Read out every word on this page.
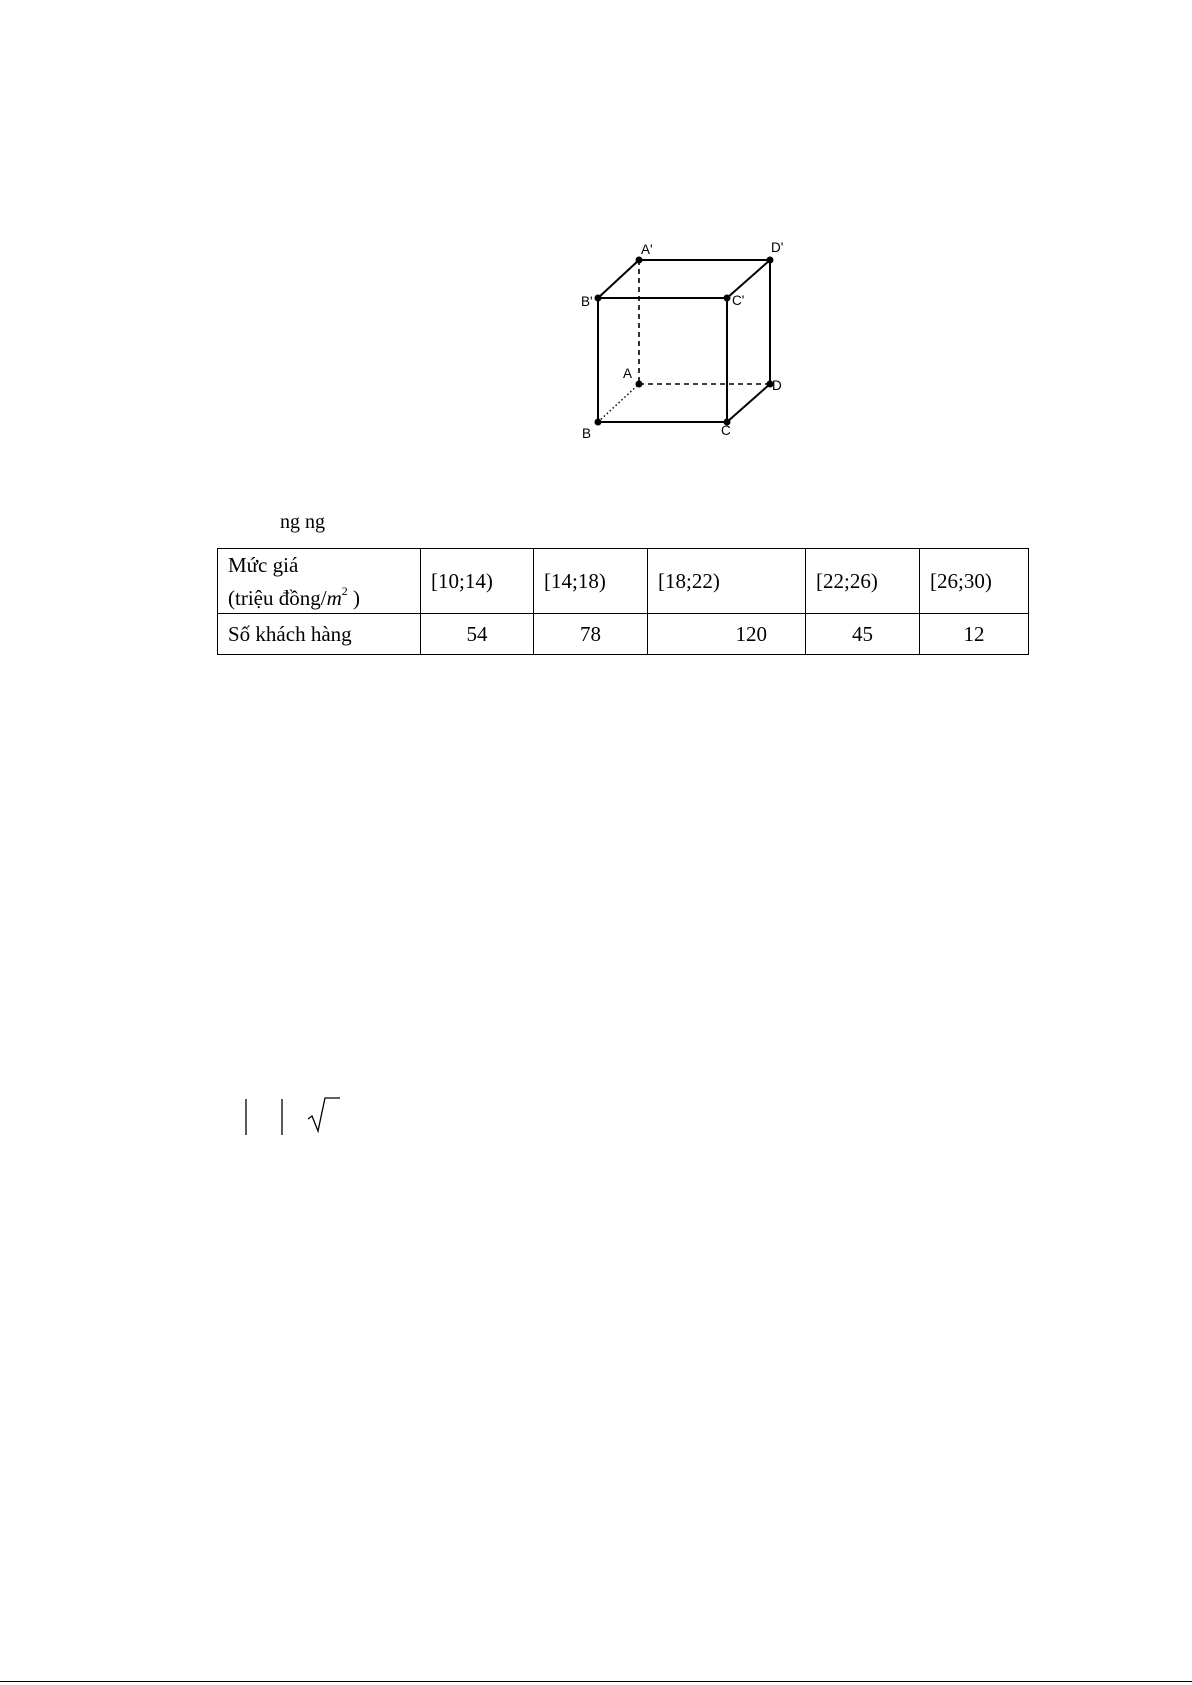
A'	D'
B'	C'
A
D
B	C
ng ng
Mức giá
(triệu đồng/$m^2$ )	[10;14)	[14;18)	[18;22)	[22;26)	[26;30)
Số khách hàng	54	78	120	45	12
